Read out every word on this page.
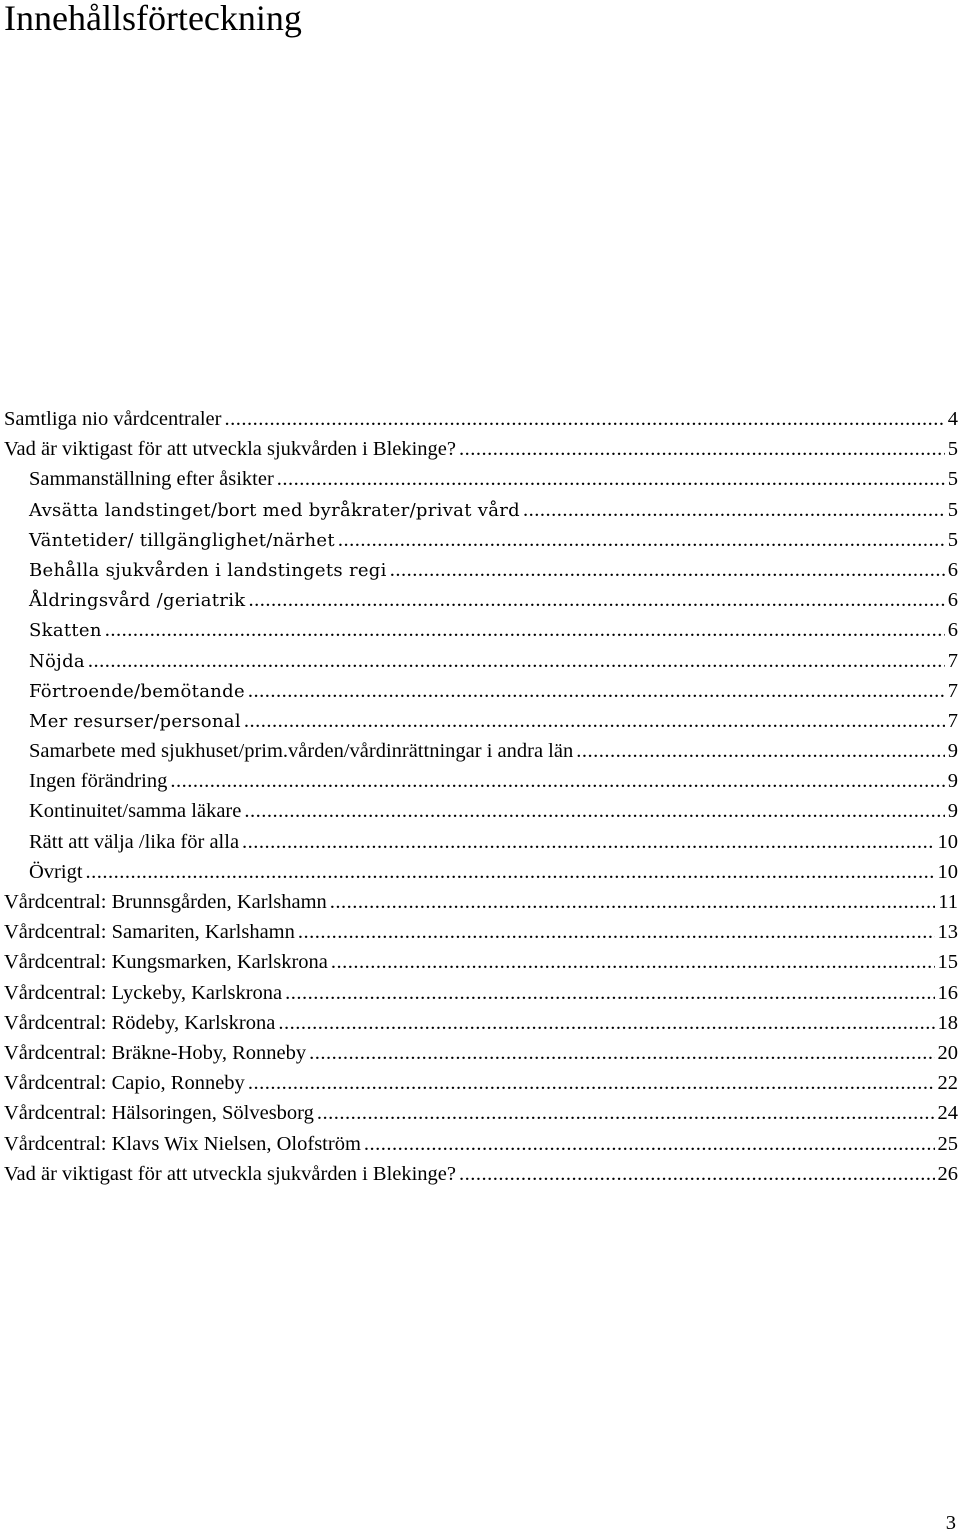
Innehållsförteckning
Samtliga nio vårdcentraler .....	4
Vad är viktigast för att utveckla sjukvården i Blekinge? .....	5
Sammanställning efter åsikter .....	5
Avsätta landstinget/bort med byråkrater/privat vård .....	5
Väntetider/ tillgänglighet/närhet .....	5
Behålla sjukvården i landstingets regi .....	6
Åldringsvård /geriatrik .....	6
Skatten .....	6
Nöjda .....	7
Förtroende/bemötande .....	7
Mer resurser/personal .....	7
Samarbete med sjukhuset/prim.vården/vårdinrättningar i andra län .....	9
Ingen förändring .....	9
Kontinuitet/samma läkare .....	9
Rätt att välja /lika för alla .....	10
Övrigt .....	10
Vårdcentral: Brunnsgården, Karlshamn .....	11
Vårdcentral: Samariten, Karlshamn .....	13
Vårdcentral: Kungsmarken, Karlskrona .....	15
Vårdcentral: Lyckeby, Karlskrona .....	16
Vårdcentral: Rödeby, Karlskrona .....	18
Vårdcentral: Bräkne-Hoby, Ronneby .....	20
Vårdcentral: Capio, Ronneby .....	22
Vårdcentral: Hälsoringen, Sölvesborg .....	24
Vårdcentral: Klavs Wix Nielsen, Olofström .....	25
Vad är viktigast för att utveckla sjukvården i Blekinge? .....	26
3
